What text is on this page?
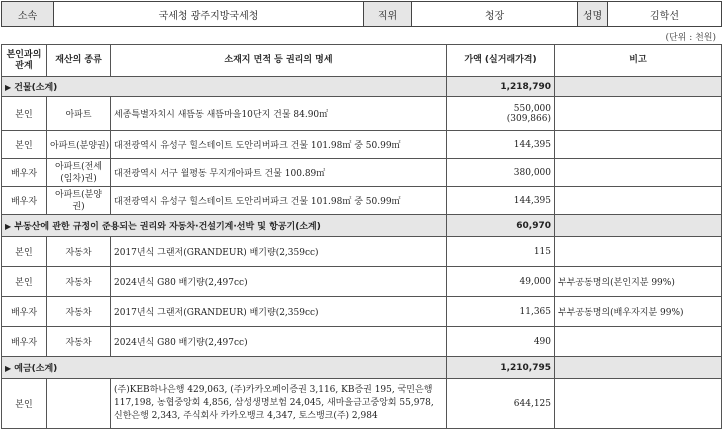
소속	국세청 광주지방국세청	직위	청장	성명	김학선
(단위 : 천원)
본인과의 관계	재산의 종류	소재지 면적 등 권리의 명세	가액 (실거래가격)	비고
▶ 건물(소계)			1,218,790	
본인	아파트	세종특별자치시 새뜸동 새뜸마을10단지 건물 84.90㎡	550,000
(309,866)	

본인	아파트(분양권)	대전광역시 유성구 힐스테이트 도안리버파크 건물 101.98㎡ 중 50.99㎡	144,395	
배우자	아파트(전세(임차)권)	대전광역시 서구 월평동 무지개아파트 건물 100.89㎡	380,000	
배우자	아파트(분양권)	대전광역시 유성구 힐스테이트 도안리버파크 건물 101.98㎡ 중 50.99㎡	144,395	
▶ 부동산에 관한 규정이 준용되는 권리와 자동차·건설기계·선박 및 항공기(소계)			60,970	
본인	자동차	2017년식 그랜저(GRANDEUR) 배기량(2,359cc)	115	
본인	자동차	2024년식 G80 배기량(2,497cc)	49,000	부부공동명의(본인지분 99%)
배우자	자동차	2017년식 그랜저(GRANDEUR) 배기량(2,359cc)	11,365	부부공동명의(배우자지분 99%)
배우자	자동차	2024년식 G80 배기량(2,497cc)	490	
▶ 예금(소계)			1,210,795	
본인		(주)KEB하나은행 429,063, (주)카카오페이증권 3,116, KB증권 195, 국민은행 117,198, 농협중앙회 4,856, 삼성생명보험 24,045, 새마을금고중앙회 55,978, 신한은행 2,343, 주식회사 카카오뱅크 4,347, 토스뱅크(주) 2,984	644,125	
